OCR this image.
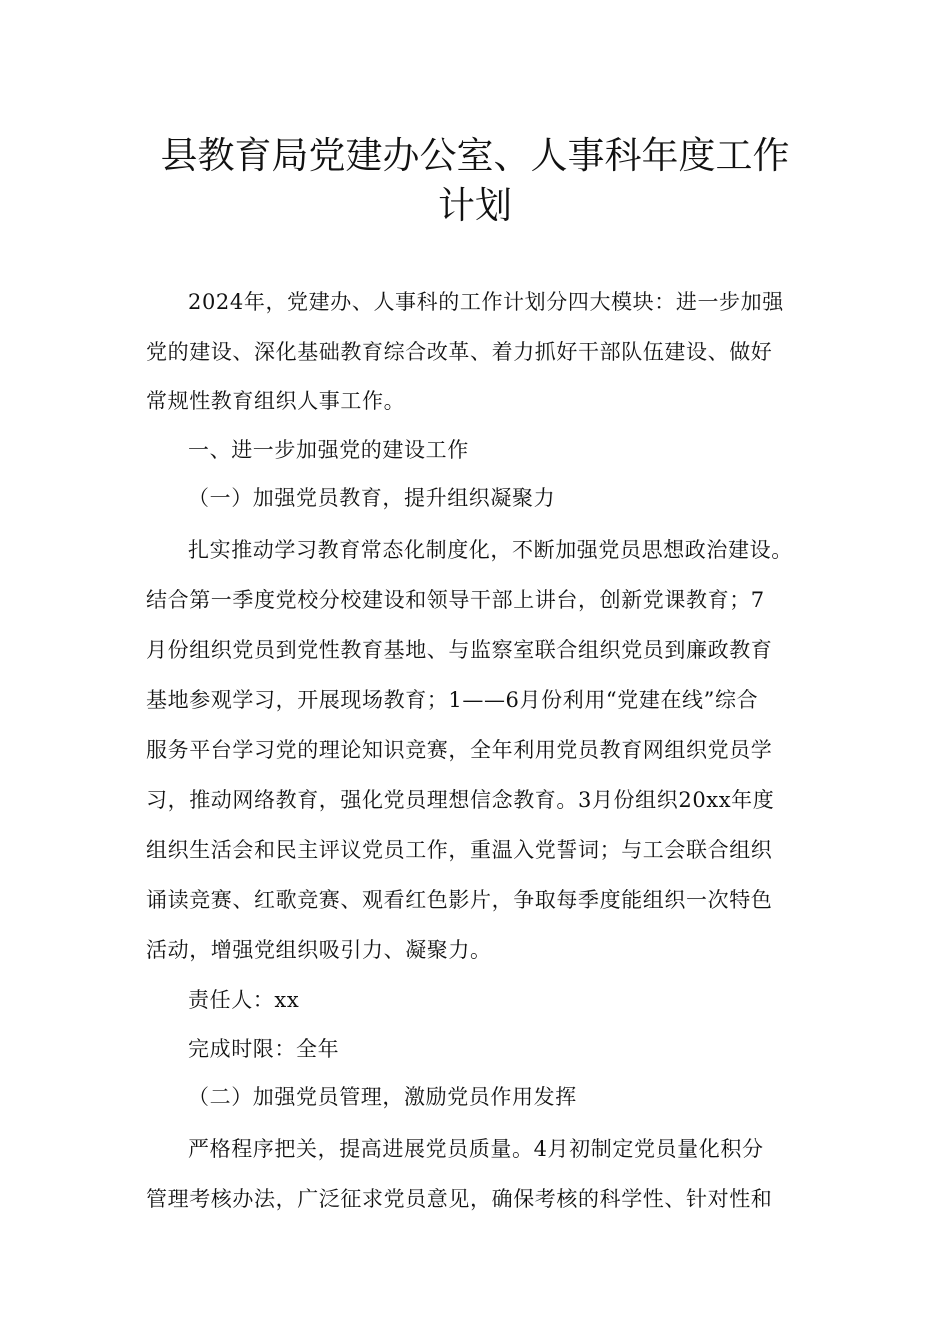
县教育局党建办公室、人事科年度工作
计划
2024年，党建办、人事科的工作计划分四大模块：进一步加强
党的建设、深化基础教育综合改革、着力抓好干部队伍建设、做好
常规性教育组织人事工作。
一、进一步加强党的建设工作
（一）加强党员教育，提升组织凝聚力
扎实推动学习教育常态化制度化，不断加强党员思想政治建设。
结合第一季度党校分校建设和领导干部上讲台，创新党课教育；7
月份组织党员到党性教育基地、与监察室联合组织党员到廉政教育
基地参观学习，开展现场教育；1——6月份利用“党建在线”综合
服务平台学习党的理论知识竞赛，全年利用党员教育网组织党员学
习，推动网络教育，强化党员理想信念教育。3月份组织20xx年度
组织生活会和民主评议党员工作，重温入党誓词；与工会联合组织
诵读竞赛、红歌竞赛、观看红色影片，争取每季度能组织一次特色
活动，增强党组织吸引力、凝聚力。
责任人：xx
完成时限：全年
（二）加强党员管理，激励党员作用发挥
严格程序把关，提高进展党员质量。4月初制定党员量化积分
管理考核办法，广泛征求党员意见，确保考核的科学性、针对性和
